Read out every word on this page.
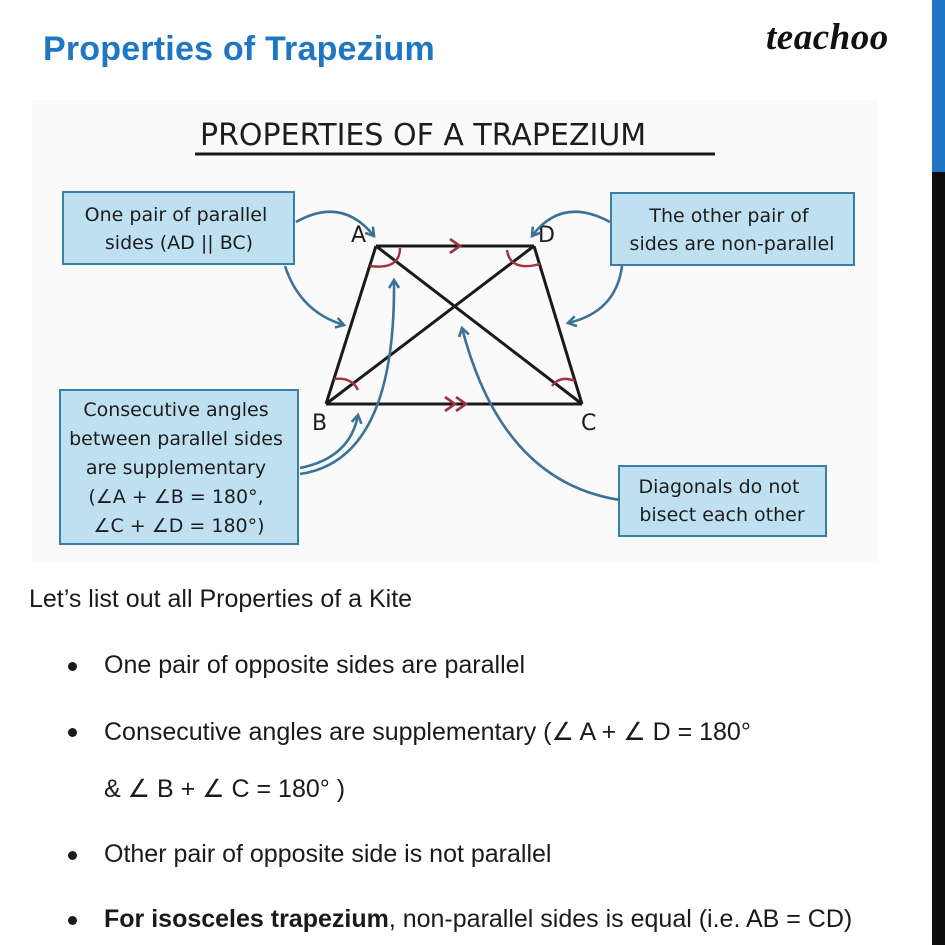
Properties of Trapezium	teachoo
PROPERTIES OF A TRAPEZIUM
A	D
B	C
One pair of parallel sides (AD || BC)
The other pair of sides are non-parallel
Consecutive angles between parallel sides are supplementary (∠A + ∠B = 180°, ∠C + ∠D = 180°)
Diagonals do not bisect each other

Let’s list out all Properties of a Kite

One pair of opposite sides are parallel
Consecutive angles are supplementary (∠ A + ∠ D = 180°
& ∠ B + ∠ C = 180° )
Other pair of opposite side is not parallel
For isosceles trapezium, non-parallel sides is equal (i.e. AB = CD)
